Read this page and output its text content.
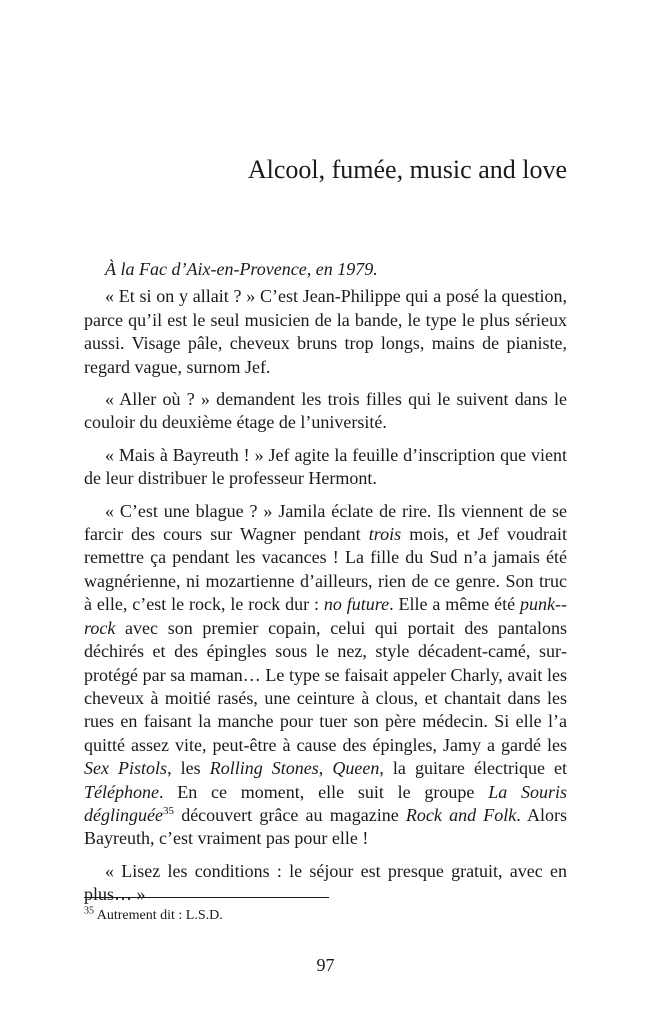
Alcool, fumée, music and love

À la Fac d’Aix-en-Provence, en 1979.

« Et si on y allait ? » C’est Jean-Philippe qui a posé la question, parce qu’il est le seul musicien de la bande, le type le plus sérieux aussi. Visage pâle, cheveux bruns trop longs, mains de pianiste, regard vague, surnom Jef.

« Aller où ? » demandent les trois filles qui le suivent dans le couloir du deuxième étage de l’université.

« Mais à Bayreuth ! » Jef agite la feuille d’inscription que vient de leur distribuer le professeur Hermont.

« C’est une blague ? » Jamila éclate de rire. Ils viennent de se farcir des cours sur Wagner pendant trois mois, et Jef voudrait remettre ça pendant les vacances ! La fille du Sud n’a jamais été wagnérienne, ni mozartienne d’ailleurs, rien de ce genre. Son truc à elle, c’est le rock, le rock dur : no future. Elle a même été punk-rock avec son premier copain, celui qui portait des pantalons déchirés et des épingles sous le nez, style décadent-camé, surprotégé par sa maman… Le type se faisait appeler Charly, avait les cheveux à moitié rasés, une ceinture à clous, et chantait dans les rues en faisant la manche pour tuer son père médecin. Si elle l’a quitté assez vite, peut-être à cause des épingles, Jamy a gardé les Sex Pistols, les Rolling Stones, Queen, la guitare électrique et Téléphone. En ce moment, elle suit le groupe La Souris déglinguée$^{35}$ découvert grâce au magazine Rock and Folk. Alors Bayreuth, c’est vraiment pas pour elle !

« Lisez les conditions : le séjour est presque gratuit, avec en plus… »

$^{35}$ Autrement dit : L.S.D.
97
